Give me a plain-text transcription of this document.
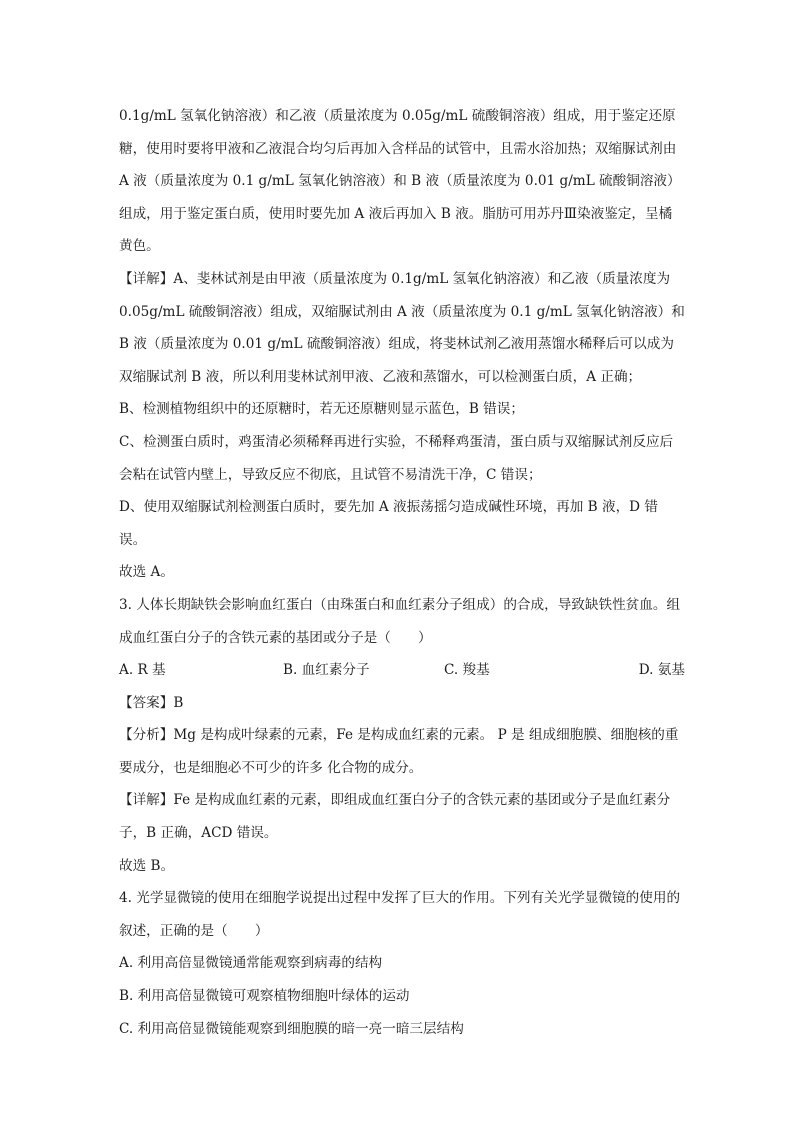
0.1g/mL 氢氧化钠溶液）和乙液（质量浓度为 0.05g/mL 硫酸铜溶液）组成，用于鉴定还原糖，使用时要将甲液和乙液混合均匀后再加入含样品的试管中，且需水浴加热；双缩脲试剂由 A 液（质量浓度为 0.1 g/mL 氢氧化钠溶液）和 B 液（质量浓度为 0.01 g/mL 硫酸铜溶液）组成，用于鉴定蛋白质，使用时要先加 A 液后再加入 B 液。脂肪可用苏丹Ⅲ染液鉴定，呈橘黄色。

【详解】A、斐林试剂是由甲液（质量浓度为 0.1g/mL 氢氧化钠溶液）和乙液（质量浓度为 0.05g/mL 硫酸铜溶液）组成，双缩脲试剂由 A 液（质量浓度为 0.1 g/mL 氢氧化钠溶液）和 B 液（质量浓度为 0.01 g/mL 硫酸铜溶液）组成，将斐林试剂乙液用蒸馏水稀释后可以成为双缩脲试剂 B 液，所以利用斐林试剂甲液、乙液和蒸馏水，可以检测蛋白质，A 正确；

B、检测植物组织中的还原糖时，若无还原糖则显示蓝色，B 错误；

C、检测蛋白质时，鸡蛋清必须稀释再进行实验，不稀释鸡蛋清，蛋白质与双缩脲试剂反应后会粘在试管内壁上，导致反应不彻底，且试管不易清洗干净，C 错误；

D、使用双缩脲试剂检测蛋白质时，要先加 A 液振荡摇匀造成碱性环境，再加 B 液，D 错误。

故选 A。

3. 人体长期缺铁会影响血红蛋白（由珠蛋白和血红素分子组成）的合成，导致缺铁性贫血。组成血红蛋白分子的含铁元素的基团或分子是（　　）

A. R 基	B. 血红素分子	C. 羧基	D. 氨基

【答案】B

【分析】Mg 是构成叶绿素的元素，Fe 是构成血红素的元素。 P 是 组成细胞膜、细胞核的重要成分，也是细胞必不可少的许多 化合物的成分。

【详解】Fe 是构成血红素的元素，即组成血红蛋白分子的含铁元素的基团或分子是血红素分子，B 正确，ACD 错误。

故选 B。

4. 光学显微镜的使用在细胞学说提出过程中发挥了巨大的作用。下列有关光学显微镜的使用的叙述，正确的是（　　）

A. 利用高倍显微镜通常能观察到病毒的结构

B. 利用高倍显微镜可观察植物细胞叶绿体的运动

C. 利用高倍显微镜能观察到细胞膜的暗一亮一暗三层结构
